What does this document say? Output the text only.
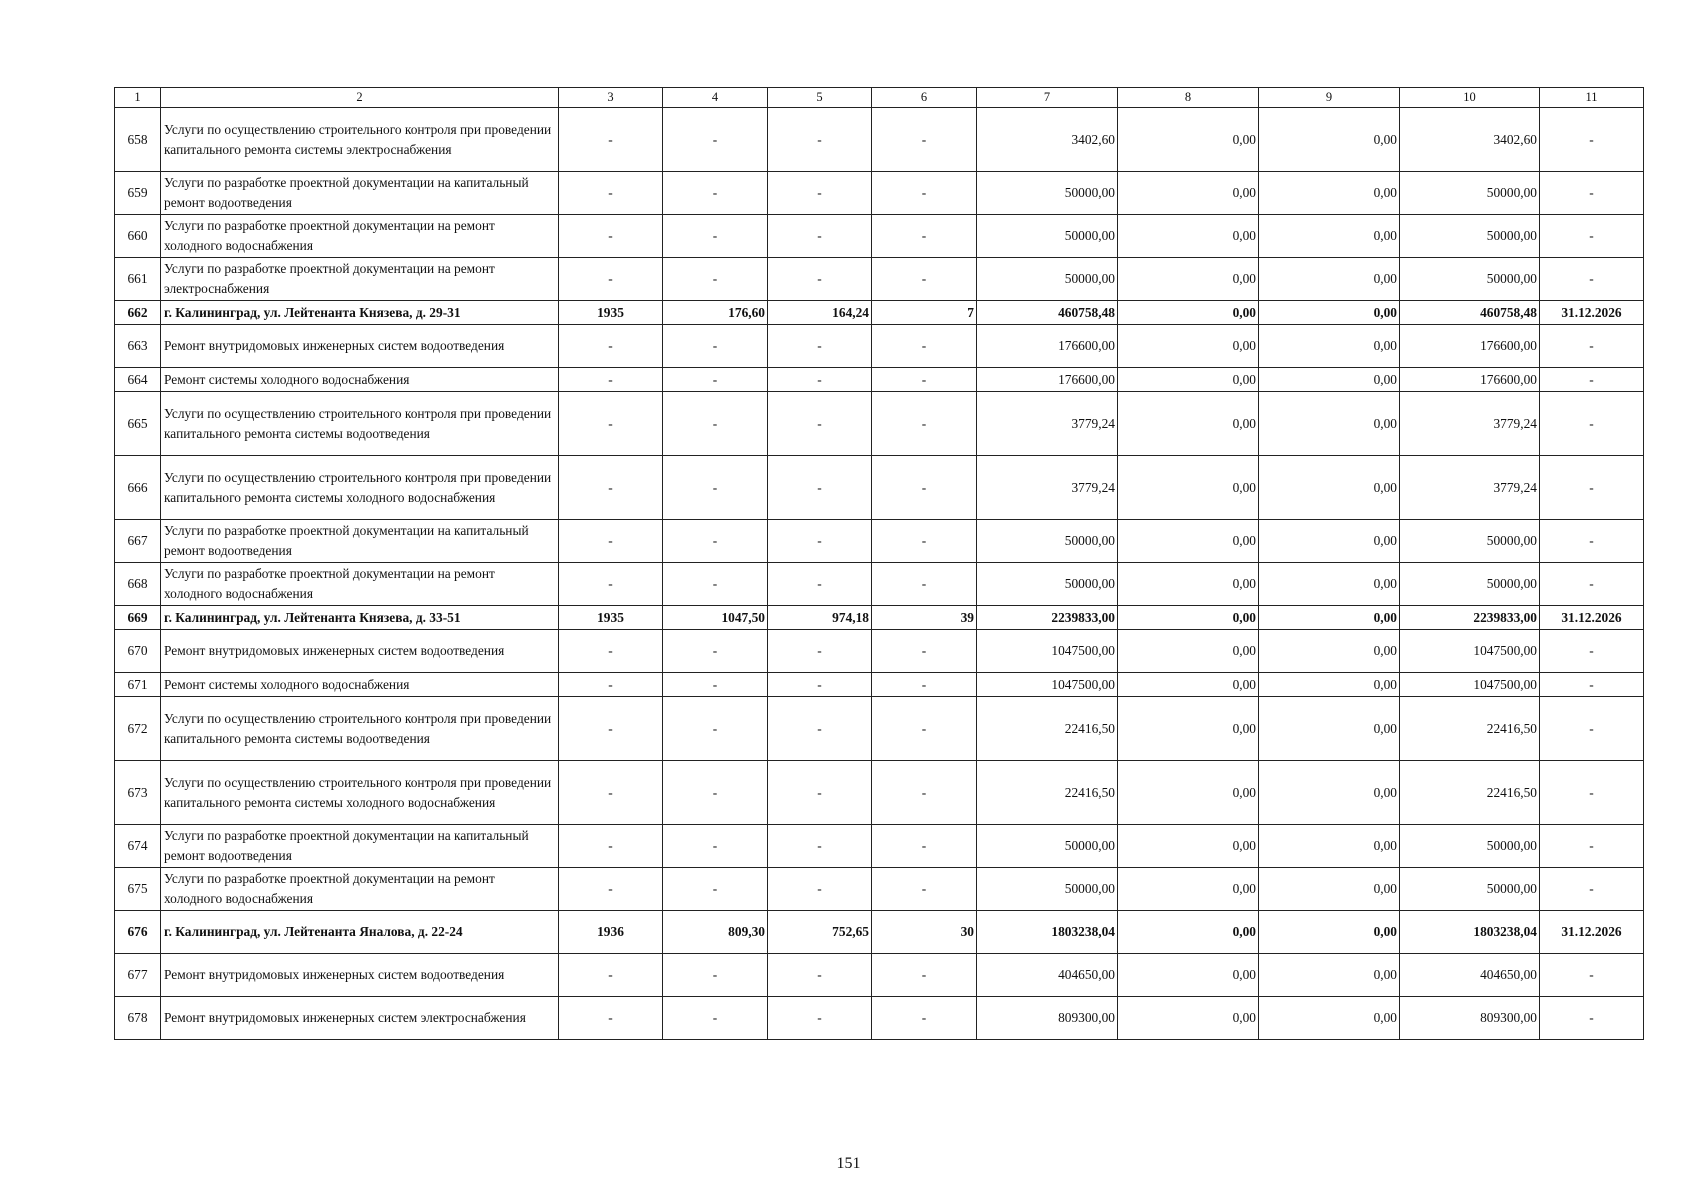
1	2	3	4	5	6	7	8	9	10	11
658	Услуги по осуществлению строительного контроля при проведении капитального ремонта системы электроснабжения	-	-	-	-	3402,60	0,00	0,00	3402,60	-
659	Услуги по разработке проектной документации на капитальный ремонт водоотведения	-	-	-	-	50000,00	0,00	0,00	50000,00	-
660	Услуги по разработке проектной документации на ремонт холодного водоснабжения	-	-	-	-	50000,00	0,00	0,00	50000,00	-
661	Услуги по разработке проектной документации на ремонт электроснабжения	-	-	-	-	50000,00	0,00	0,00	50000,00	-
662	г. Калининград, ул. Лейтенанта Князева, д. 29-31	1935	176,60	164,24	7	460758,48	0,00	0,00	460758,48	31.12.2026
663	Ремонт внутридомовых инженерных систем водоотведения	-	-	-	-	176600,00	0,00	0,00	176600,00	-
664	Ремонт системы холодного водоснабжения	-	-	-	-	176600,00	0,00	0,00	176600,00	-
665	Услуги по осуществлению строительного контроля при проведении капитального ремонта системы водоотведения	-	-	-	-	3779,24	0,00	0,00	3779,24	-
666	Услуги по осуществлению строительного контроля при проведении капитального ремонта системы холодного водоснабжения	-	-	-	-	3779,24	0,00	0,00	3779,24	-
667	Услуги по разработке проектной документации на капитальный ремонт водоотведения	-	-	-	-	50000,00	0,00	0,00	50000,00	-
668	Услуги по разработке проектной документации на ремонт холодного водоснабжения	-	-	-	-	50000,00	0,00	0,00	50000,00	-
669	г. Калининград, ул. Лейтенанта Князева, д. 33-51	1935	1047,50	974,18	39	2239833,00	0,00	0,00	2239833,00	31.12.2026
670	Ремонт внутридомовых инженерных систем водоотведения	-	-	-	-	1047500,00	0,00	0,00	1047500,00	-
671	Ремонт системы холодного водоснабжения	-	-	-	-	1047500,00	0,00	0,00	1047500,00	-
672	Услуги по осуществлению строительного контроля при проведении капитального ремонта системы водоотведения	-	-	-	-	22416,50	0,00	0,00	22416,50	-
673	Услуги по осуществлению строительного контроля при проведении капитального ремонта системы холодного водоснабжения	-	-	-	-	22416,50	0,00	0,00	22416,50	-
674	Услуги по разработке проектной документации на капитальный ремонт водоотведения	-	-	-	-	50000,00	0,00	0,00	50000,00	-
675	Услуги по разработке проектной документации на ремонт холодного водоснабжения	-	-	-	-	50000,00	0,00	0,00	50000,00	-
676	г. Калининград, ул. Лейтенанта Яналова, д. 22-24	1936	809,30	752,65	30	1803238,04	0,00	0,00	1803238,04	31.12.2026
677	Ремонт внутридомовых инженерных систем водоотведения	-	-	-	-	404650,00	0,00	0,00	404650,00	-
678	Ремонт внутридомовых инженерных систем электроснабжения	-	-	-	-	809300,00	0,00	0,00	809300,00	-
151
